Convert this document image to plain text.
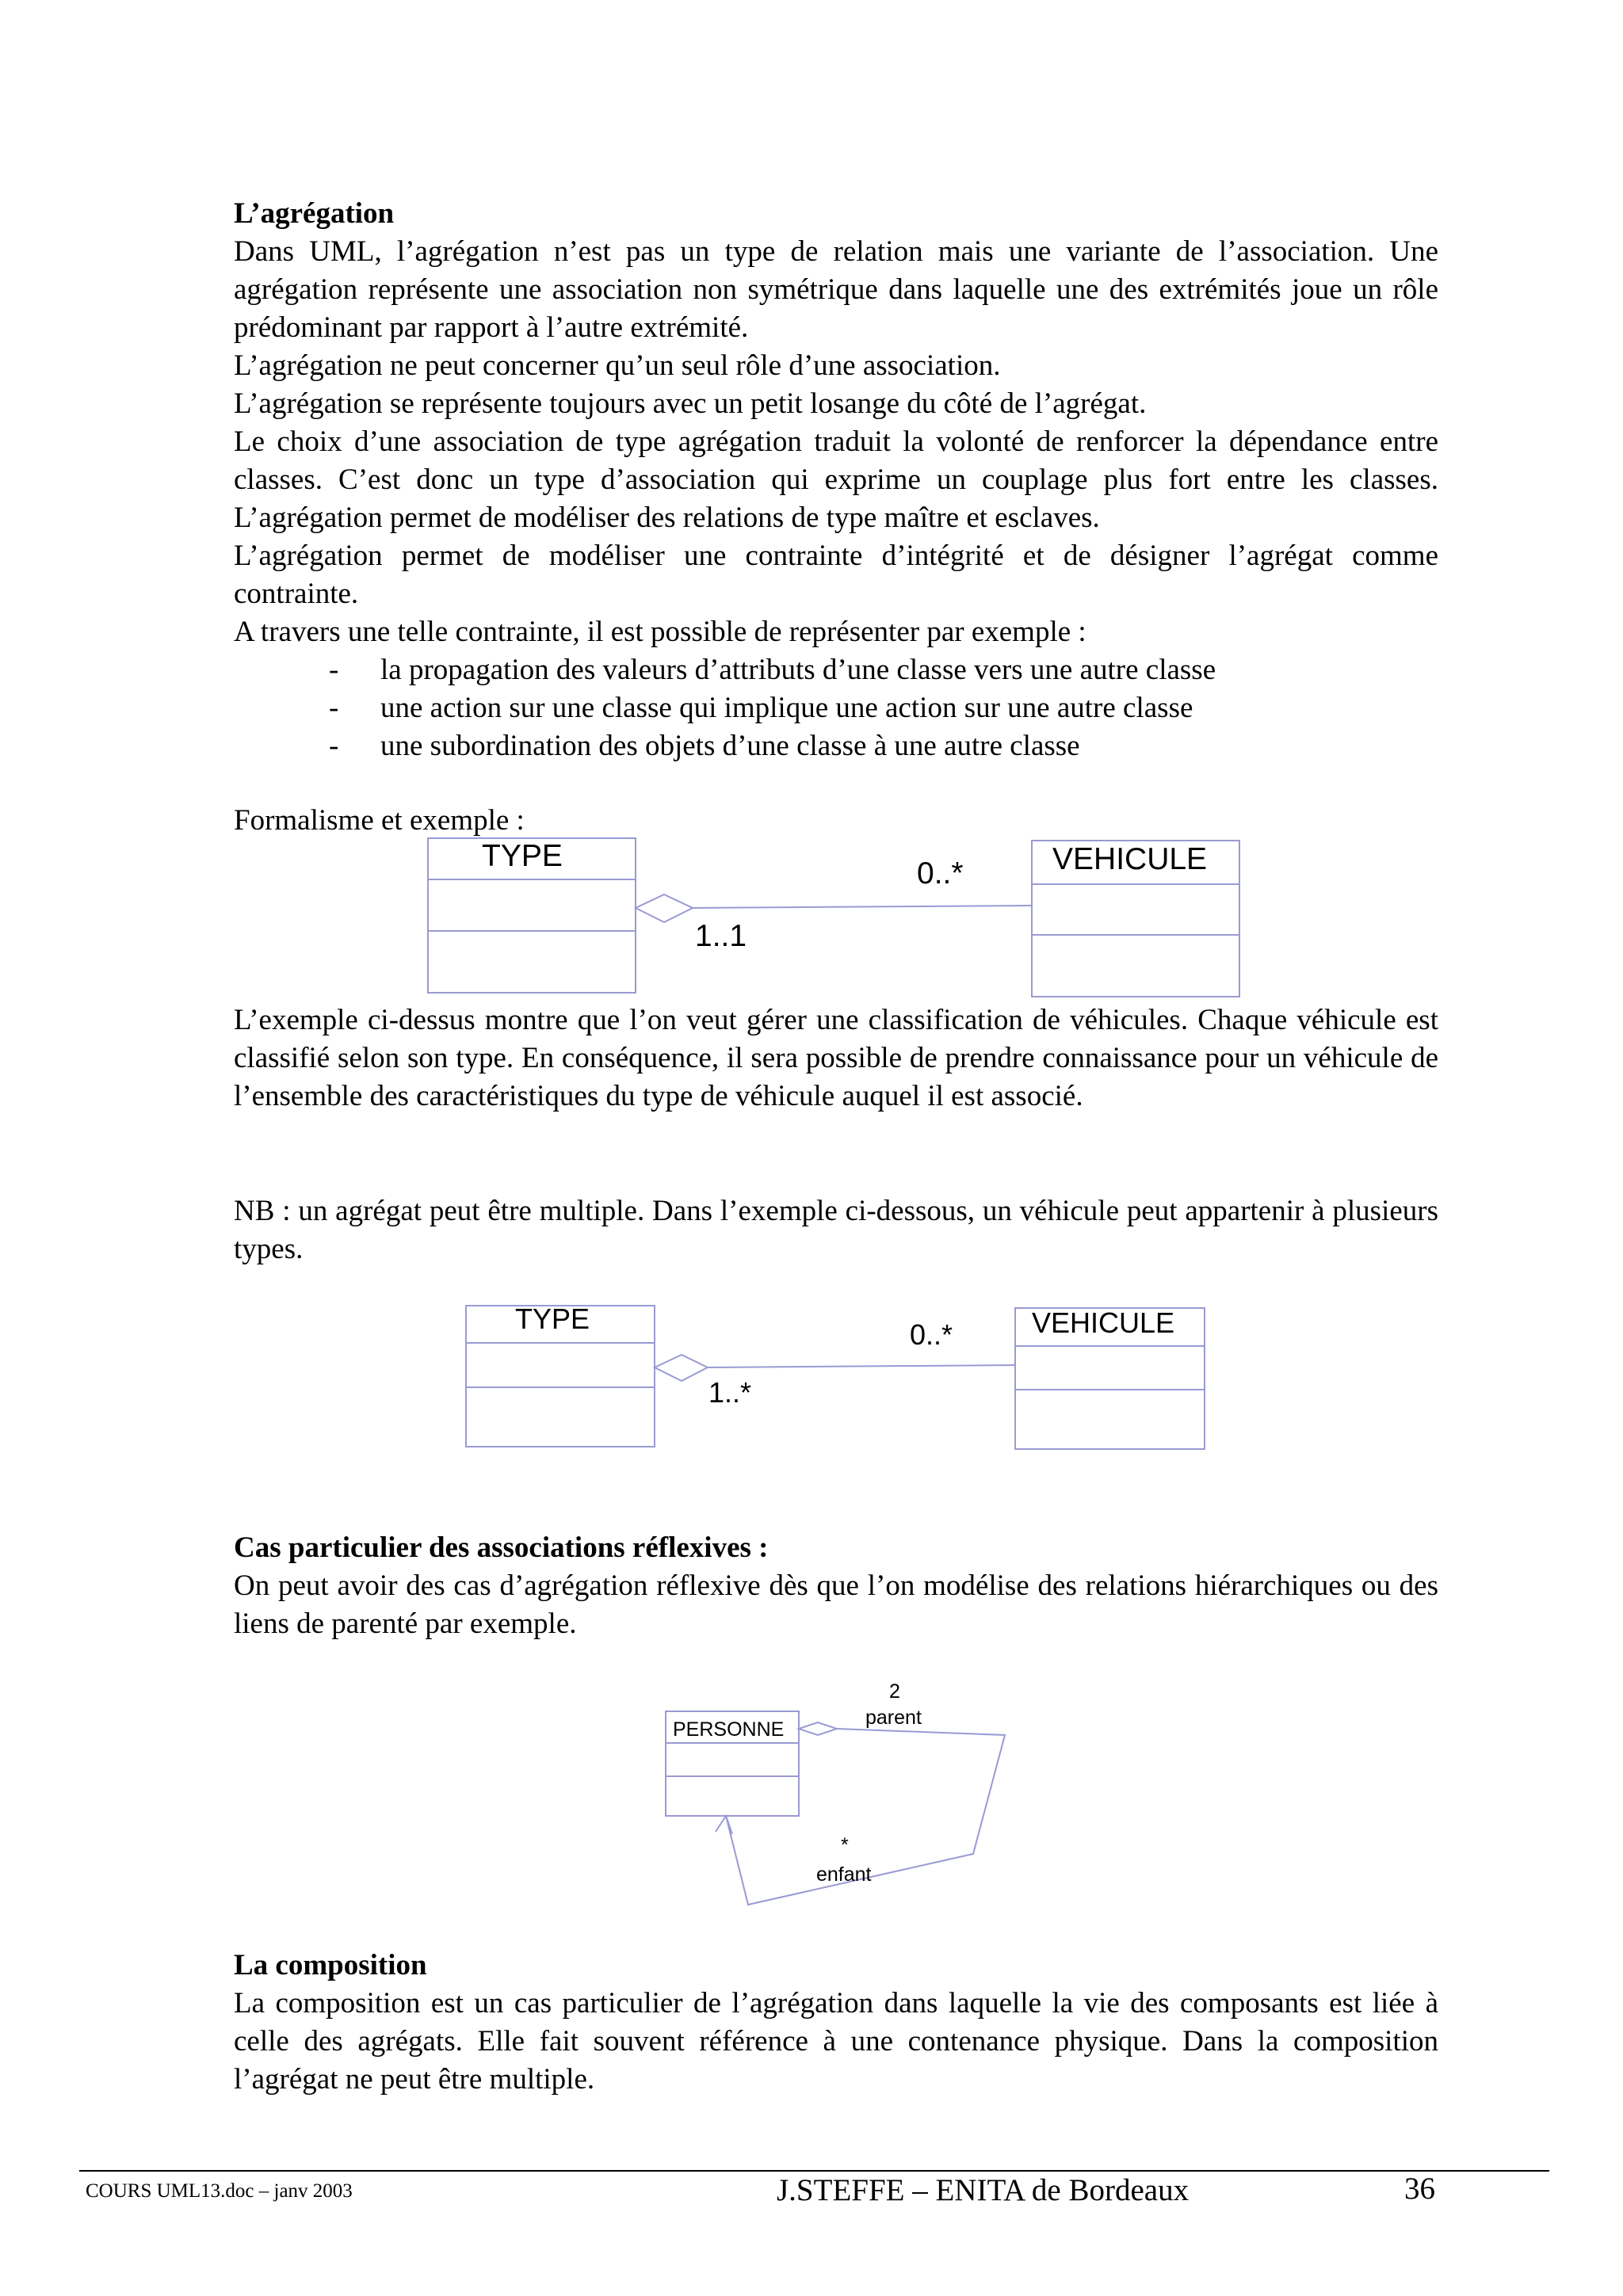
L’agrégation
Dans UML, l’agrégation n’est pas un type de relation mais une variante de l’association. Une agrégation représente une association non symétrique dans laquelle une des extrémités joue un rôle prédominant par rapport à l’autre extrémité.
L’agrégation ne peut concerner qu’un seul rôle d’une association.
L’agrégation se représente toujours avec un petit losange du côté de l’agrégat.
Le choix d’une association de type agrégation traduit la volonté de renforcer la dépendance entre classes. C’est donc un type d’association qui exprime un couplage plus fort entre les classes. L’agrégation permet de modéliser des relations de type maître et esclaves.
L’agrégation permet de modéliser une contrainte d’intégrité et de désigner l’agrégat comme contrainte.
A travers une telle contrainte, il est possible de représenter par exemple :
- la propagation des valeurs d’attributs d’une classe vers une autre classe
- une action sur une classe qui implique une action sur une autre classe
- une subordination des objets d’une classe à une autre classe
Formalisme et exemple :
TYPE	VEHICULE
0..*
1..1
L’exemple ci-dessus montre que l’on veut gérer une classification de véhicules. Chaque véhicule est classifié selon son type. En conséquence, il sera possible de prendre connaissance pour un véhicule de l’ensemble des caractéristiques du type de véhicule auquel il est associé.
NB : un agrégat peut être multiple. Dans l’exemple ci-dessous, un véhicule peut appartenir à plusieurs types.
TYPE	VEHICULE
0..*
1..*
Cas particulier des associations réflexives :
On peut avoir des cas d’agrégation réflexive dès que l’on modélise des relations hiérarchiques ou des liens de parenté par exemple.
PERSONNE
2
parent
*
enfant
La composition
La composition est un cas particulier de l’agrégation dans laquelle la vie des composants est liée à celle des agrégats. Elle fait souvent référence à une contenance physique. Dans la composition l’agrégat ne peut être multiple.
COURS UML13.doc – janv 2003	J.STEFFE – ENITA de Bordeaux	36
